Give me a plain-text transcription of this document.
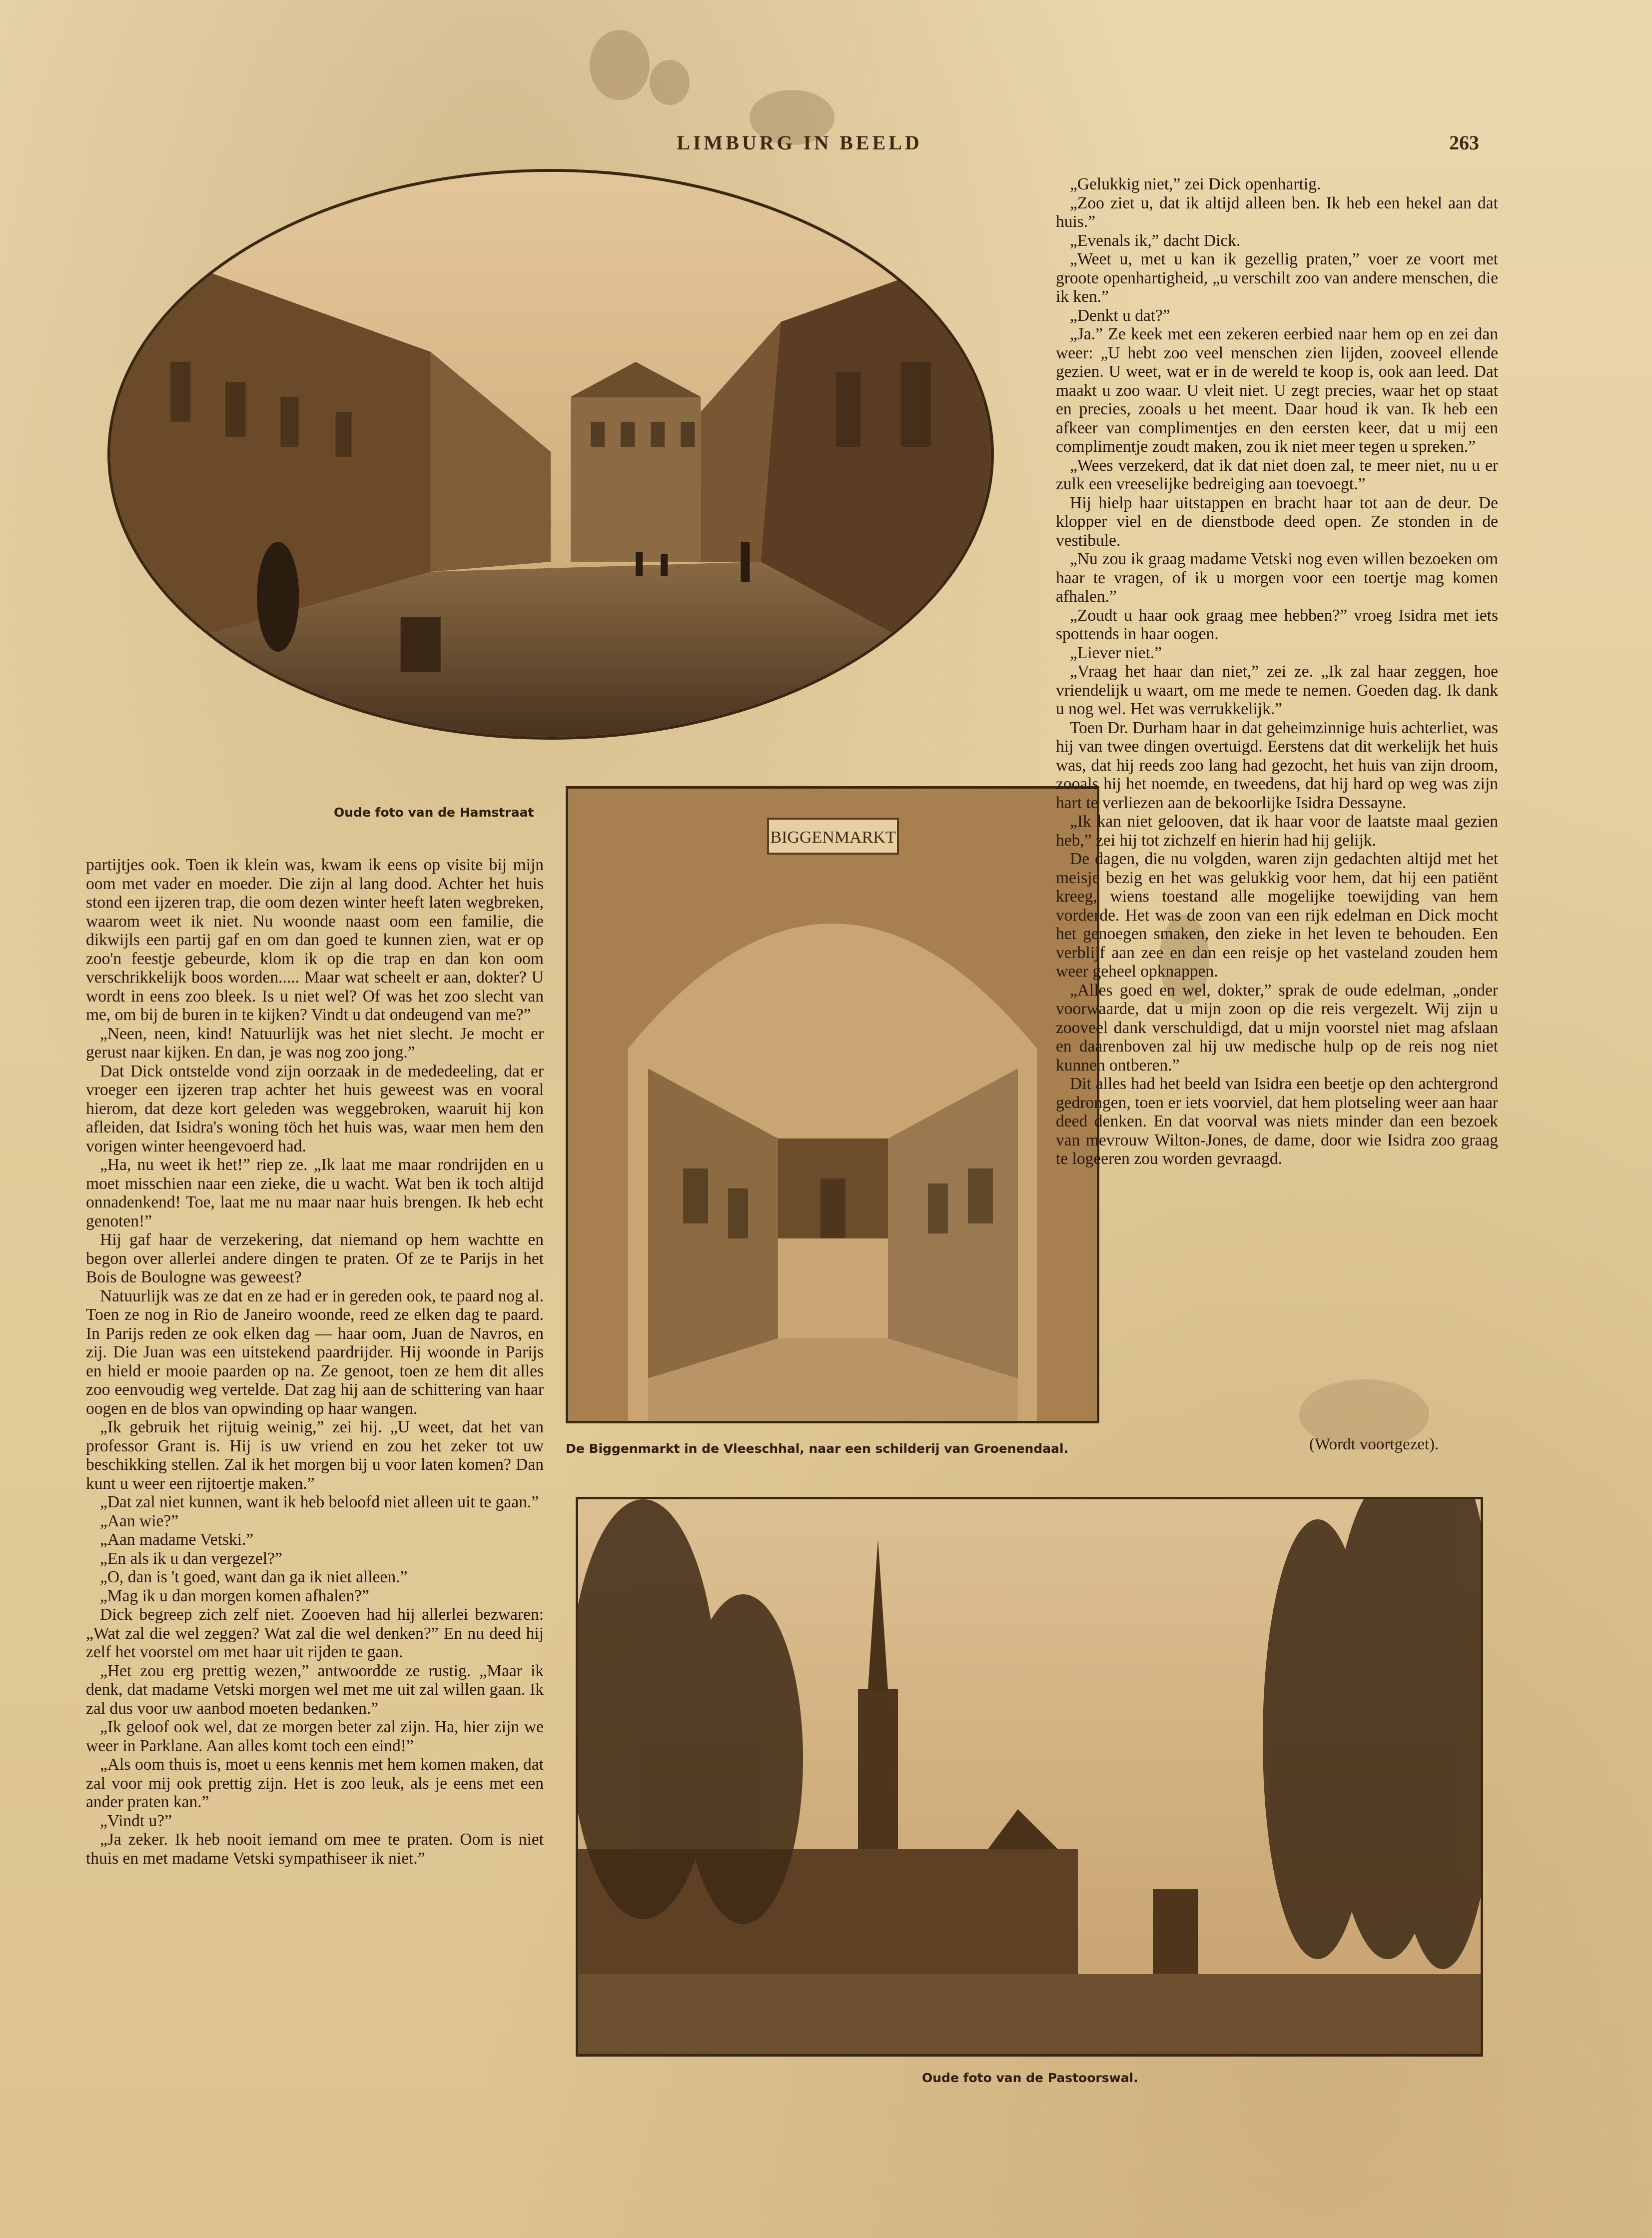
LIMBURG IN BEELD	263
Oude foto van de Hamstraat
BIGGENMARKT
De Biggenmarkt in de Vleeschhal, naar een schilderij van Groenendaal.
Oude foto van de Pastoorswal.

partijtjes ook. Toen ik klein was, kwam ik eens op visite bij mijn oom met vader en moeder. Die zijn al lang dood. Achter het huis stond een ijzeren trap, die oom dezen winter heeft laten wegbreken, waarom weet ik niet. Nu woonde naast oom een familie, die dikwijls een partij gaf en om dan goed te kunnen zien, wat er op zoo'n feestje gebeurde, klom ik op die trap en dan kon oom verschrikkelijk boos worden..... Maar wat scheelt er aan, dokter? U wordt in eens zoo bleek. Is u niet wel? Of was het zoo slecht van me, om bij de buren in te kijken? Vindt u dat ondeugend van me?”

„Neen, neen, kind! Natuurlijk was het niet slecht. Je mocht er gerust naar kijken. En dan, je was nog zoo jong.”

Dat Dick ontstelde vond zijn oorzaak in de mededeeling, dat er vroeger een ijzeren trap achter het huis geweest was en vooral hierom, dat deze kort geleden was weggebroken, waaruit hij kon afleiden, dat Isidra's woning töch het huis was, waar men hem den vorigen winter heengevoerd had.

„Ha, nu weet ik het!” riep ze. „Ik laat me maar rondrijden en u moet misschien naar een zieke, die u wacht. Wat ben ik toch altijd onnadenkend! Toe, laat me nu maar naar huis brengen. Ik heb echt genoten!”

Hij gaf haar de verzekering, dat niemand op hem wachtte en begon over allerlei andere dingen te praten. Of ze te Parijs in het Bois de Boulogne was geweest?

Natuurlijk was ze dat en ze had er in gereden ook, te paard nog al. Toen ze nog in Rio de Janeiro woonde, reed ze elken dag te paard. In Parijs reden ze ook elken dag — haar oom, Juan de Navros, en zij. Die Juan was een uitstekend paardrijder. Hij woonde in Parijs en hield er mooie paarden op na. Ze genoot, toen ze hem dit alles zoo eenvoudig weg vertelde. Dat zag hij aan de schittering van haar oogen en de blos van opwinding op haar wangen.

„Ik gebruik het rijtuig weinig,” zei hij. „U weet, dat het van professor Grant is. Hij is uw vriend en zou het zeker tot uw beschikking stellen. Zal ik het morgen bij u voor laten komen? Dan kunt u weer een rijtoertje maken.”

„Dat zal niet kunnen, want ik heb beloofd niet alleen uit te gaan.”

„Aan wie?”

„Aan madame Vetski.”

„En als ik u dan vergezel?”

„O, dan is 't goed, want dan ga ik niet alleen.”

„Mag ik u dan morgen komen afhalen?”

Dick begreep zich zelf niet. Zooeven had hij allerlei bezwaren: „Wat zal die wel zeggen? Wat zal die wel denken?” En nu deed hij zelf het voorstel om met haar uit rijden te gaan.

„Het zou erg prettig wezen,” antwoordde ze rustig. „Maar ik denk, dat madame Vetski morgen wel met me uit zal willen gaan. Ik zal dus voor uw aanbod moeten bedanken.”

„Ik geloof ook wel, dat ze morgen beter zal zijn. Ha, hier zijn we weer in Parklane. Aan alles komt toch een eind!”

„Als oom thuis is, moet u eens kennis met hem komen maken, dat zal voor mij ook prettig zijn. Het is zoo leuk, als je eens met een ander praten kan.”

„Vindt u?”

„Ja zeker. Ik heb nooit iemand om mee te praten. Oom is niet thuis en met madame Vetski sympathiseer ik niet.”

„Gelukkig niet,” zei Dick openhartig.

„Zoo ziet u, dat ik altijd alleen ben. Ik heb een hekel aan dat huis.”

„Evenals ik,” dacht Dick.

„Weet u, met u kan ik gezellig praten,” voer ze voort met groote openhartigheid, „u verschilt zoo van andere menschen, die ik ken.”

„Denkt u dat?”

„Ja.” Ze keek met een zekeren eerbied naar hem op en zei dan weer: „U hebt zoo veel menschen zien lijden, zooveel ellende gezien. U weet, wat er in de wereld te koop is, ook aan leed. Dat maakt u zoo waar. U vleit niet. U zegt precies, waar het op staat en precies, zooals u het meent. Daar houd ik van. Ik heb een afkeer van complimentjes en den eersten keer, dat u mij een complimentje zoudt maken, zou ik niet meer tegen u spreken.”

„Wees verzekerd, dat ik dat niet doen zal, te meer niet, nu u er zulk een vreeselijke bedreiging aan toevoegt.”

Hij hielp haar uitstappen en bracht haar tot aan de deur. De klopper viel en de dienstbode deed open. Ze stonden in de vestibule.

„Nu zou ik graag madame Vetski nog even willen bezoeken om haar te vragen, of ik u morgen voor een toertje mag komen afhalen.”

„Zoudt u haar ook graag mee hebben?” vroeg Isidra met iets spottends in haar oogen.

„Liever niet.”

„Vraag het haar dan niet,” zei ze. „Ik zal haar zeggen, hoe vriendelijk u waart, om me mede te nemen. Goeden dag. Ik dank u nog wel. Het was verrukkelijk.”

Toen Dr. Durham haar in dat geheimzinnige huis achterliet, was hij van twee dingen overtuigd. Eerstens dat dit werkelijk het huis was, dat hij reeds zoo lang had gezocht, het huis van zijn droom, zooals hij het noemde, en tweedens, dat hij hard op weg was zijn hart te verliezen aan de bekoorlijke Isidra Dessayne.

„Ik kan niet gelooven, dat ik haar voor de laatste maal gezien heb,” zei hij tot zichzelf en hierin had hij gelijk.

De dagen, die nu volgden, waren zijn gedachten altijd met het meisje bezig en het was gelukkig voor hem, dat hij een patiënt kreeg, wiens toestand alle mogelijke toewijding van hem vorderde. Het was de zoon van een rijk edelman en Dick mocht het genoegen smaken, den zieke in het leven te behouden. Een verblijf aan zee en dan een reisje op het vasteland zouden hem weer geheel opknappen.

„Alles goed en wel, dokter,” sprak de oude edelman, „onder voorwaarde, dat u mijn zoon op die reis vergezelt. Wij zijn u zooveel dank verschuldigd, dat u mijn voorstel niet mag afslaan en daarenboven zal hij uw medische hulp op de reis nog niet kunnen ontberen.”

Dit alles had het beeld van Isidra een beetje op den achtergrond gedrongen, toen er iets voorviel, dat hem plotseling weer aan haar deed denken. En dat voorval was niets minder dan een bezoek van mevrouw Wilton-Jones, de dame, door wie Isidra zoo graag te logeeren zou worden gevraagd.

(Wordt voortgezet).
